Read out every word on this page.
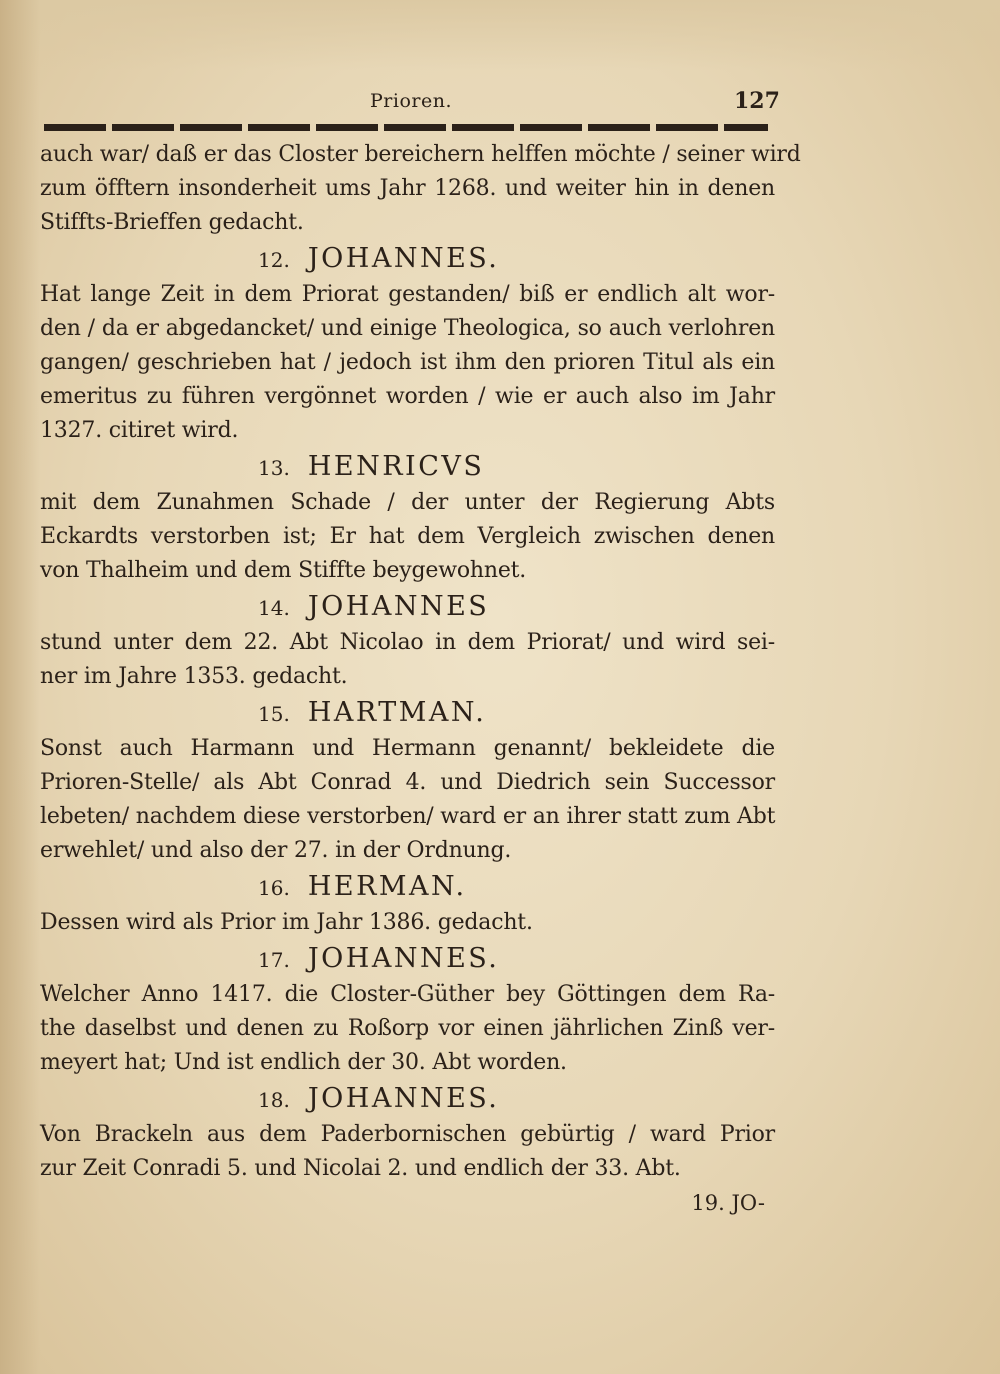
Prioren.	127
auch war/ daß er das Closter bereichern helffen möchte / seiner wird
zum öfftern insonderheit ums Jahr 1268. und weiter hin in denen
Stiffts-Brieffen gedacht.
12. JOHANNES.
Hat lange Zeit in dem Priorat gestanden/ biß er endlich alt wor-
den / da er abgedancket/ und einige Theologica, so auch verlohren
gangen/ geschrieben hat / jedoch ist ihm den prioren Titul als ein
emeritus zu führen vergönnet worden / wie er auch also im Jahr
1327. citiret wird.
13. HENRICVS
mit dem Zunahmen Schade / der unter der Regierung Abts
Eckardts verstorben ist; Er hat dem Vergleich zwischen denen
von Thalheim und dem Stiffte beygewohnet.
14. JOHANNES
stund unter dem 22. Abt Nicolao in dem Priorat/ und wird sei-
ner im Jahre 1353. gedacht.
15. HARTMAN.
Sonst auch Harmann und Hermann genannt/ bekleidete die
Prioren-Stelle/ als Abt Conrad 4. und Diedrich sein Successor
lebeten/ nachdem diese verstorben/ ward er an ihrer statt zum Abt
erwehlet/ und also der 27. in der Ordnung.
16. HERMAN.
Dessen wird als Prior im Jahr 1386. gedacht.
17. JOHANNES.
Welcher Anno 1417. die Closter-Güther bey Göttingen dem Ra-
the daselbst und denen zu Roßorp vor einen jährlichen Zinß ver-
meyert hat; Und ist endlich der 30. Abt worden.
18. JOHANNES.
Von Brackeln aus dem Paderbornischen gebürtig / ward Prior
zur Zeit Conradi 5. und Nicolai 2. und endlich der 33. Abt.
19. JO-
